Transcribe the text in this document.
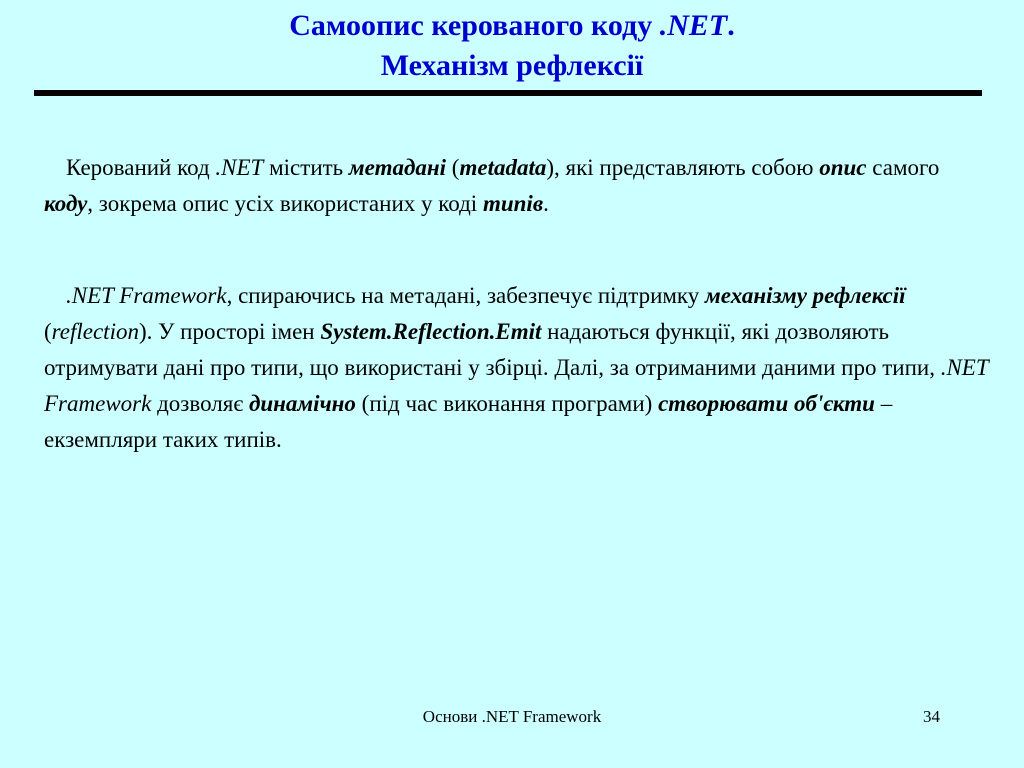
Самоопис керованого коду .NET.
Механізм рефлексії
Керований код .NET містить метадані (metadata), які представляють собою опис самого коду, зокрема опис усіх використаних у коді типів.
.NET Framework, спираючись на метадані, забезпечує підтримку механізму рефлексії (reflection). У просторі імен System.Reflection.Emit надаються функції, які дозволяють отримувати дані про типи, що використані у збірці. Далі, за отриманими даними про типи, .NET Framework дозволяє динамічно (під час виконання програми) створювати об'єкти – екземпляри таких типів.
Основи .NET Framework	34
